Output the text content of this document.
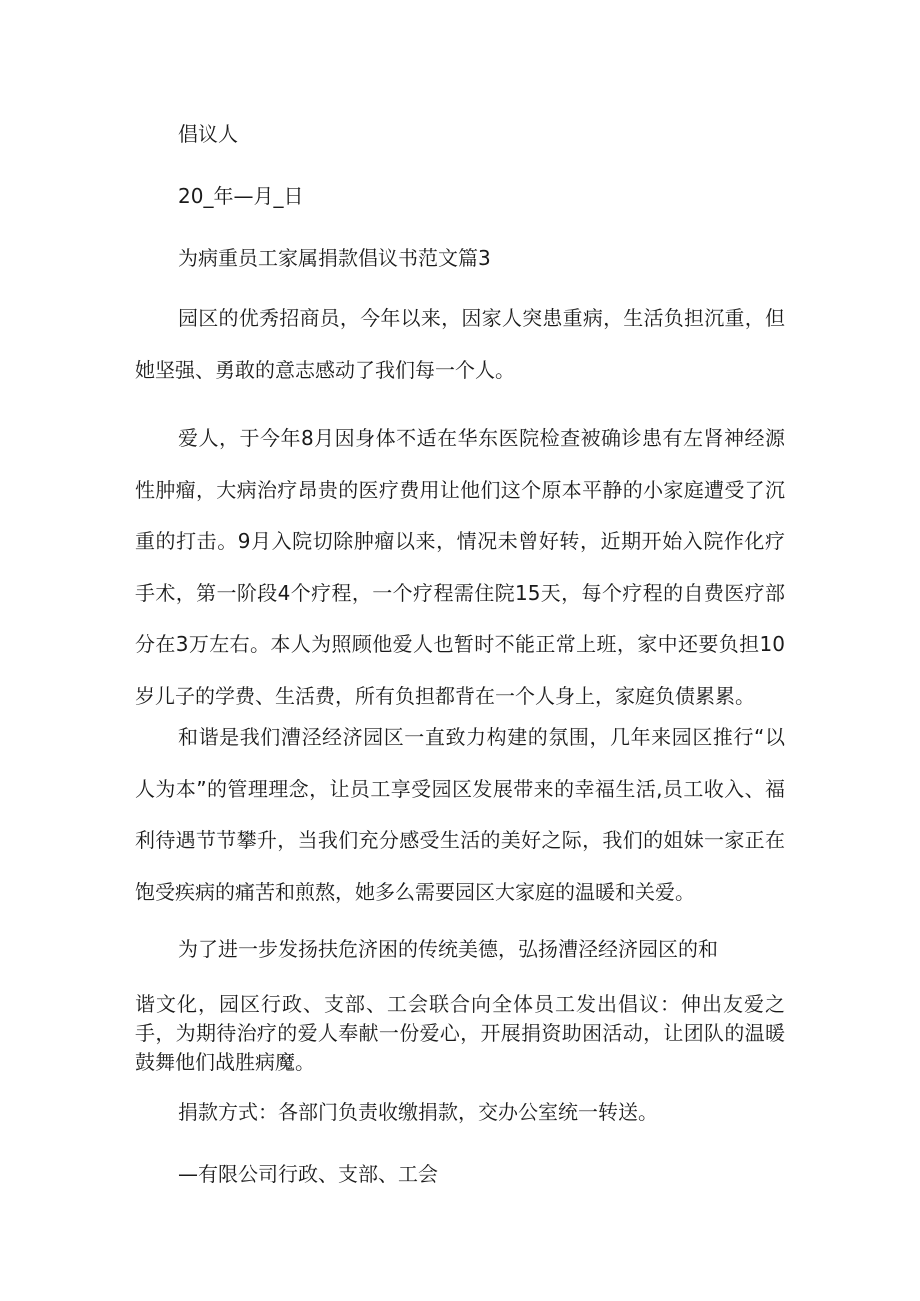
倡议人

20_年—月_日

为病重员工家属捐款倡议书范文篇3

园区的优秀招商员，今年以来，因家人突患重病，生活负担沉重，但她坚强、勇敢的意志感动了我们每一个人。

爱人，于今年8月因身体不适在华东医院检查被确诊患有左肾神经源性肿瘤，大病治疗昂贵的医疗费用让他们这个原本平静的小家庭遭受了沉重的打击。9月入院切除肿瘤以来，情况未曾好转，近期开始入院作化疗手术，第一阶段4个疗程，一个疗程需住院15天，每个疗程的自费医疗部分在3万左右。本人为照顾他爱人也暂时不能正常上班，家中还要负担10岁儿子的学费、生活费，所有负担都背在一个人身上，家庭负债累累。

和谐是我们漕泾经济园区一直致力构建的氛围，几年来园区推行“以人为本”的管理理念，让员工享受园区发展带来的幸福生活,员工收入、福利待遇节节攀升，当我们充分感受生活的美好之际，我们的姐妹一家正在饱受疾病的痛苦和煎熬，她多么需要园区大家庭的温暖和关爱。

为了进一步发扬扶危济困的传统美德，弘扬漕泾经济园区的和

谐文化，园区行政、支部、工会联合向全体员工发出倡议：伸出友爱之手，为期待治疗的爱人奉献一份爱心，开展捐资助困活动，让团队的温暖鼓舞他们战胜病魔。

捐款方式：各部门负责收缴捐款，交办公室统一转送。

—有限公司行政、支部、工会
